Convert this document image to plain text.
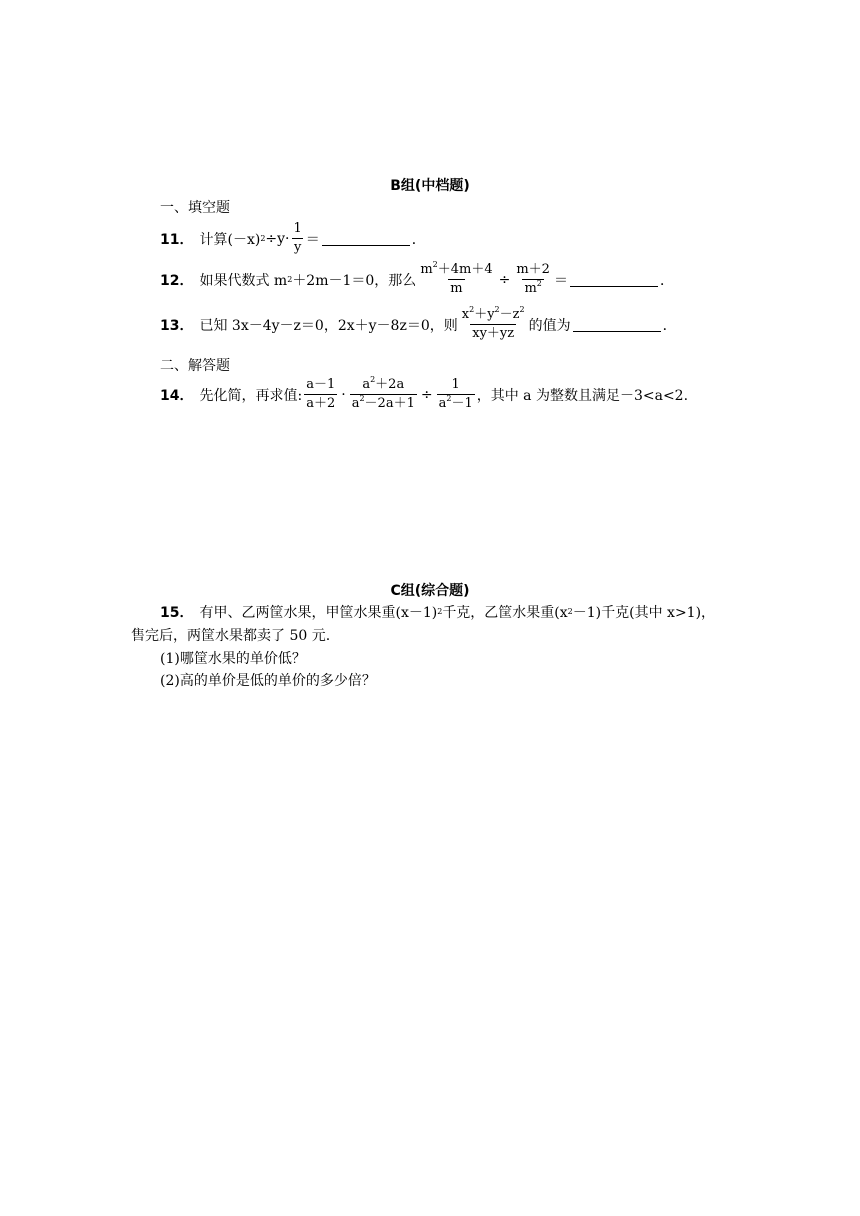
B组(中档题)
一、填空题
11． 计算(－x) $2 \div y\cdot \frac{1}{y}$ ＝	．
12． 如果代数式 m 2 ＋2m－1＝0，那么 $\frac{m^2+4m+4}{m} \div \frac{m+2}{m^2}$ ＝	．
13． 已知 3x－4y－z＝0，2x＋y－8z＝0，则 $\frac{x^2+y^2-z^2}{xy+yz}$ 的值为	．
二、解答题
14． 先化简，再求值: $\frac{a-1}{a+2} \cdot \frac{a^2+2a}{a^2-2a+1} \div \frac{1}{a^2-1}$ ，其中 a 为整数且满足－3<a<2.
C组(综合题)
15． 有甲、乙两筐水果，甲筐水果重(x－1) 2 千克，乙筐水果重(x 2 －1)千克(其中 x>1)，
售完后，两筐水果都卖了 50 元.
(1)哪筐水果的单价低？
(2)高的单价是低的单价的多少倍？
